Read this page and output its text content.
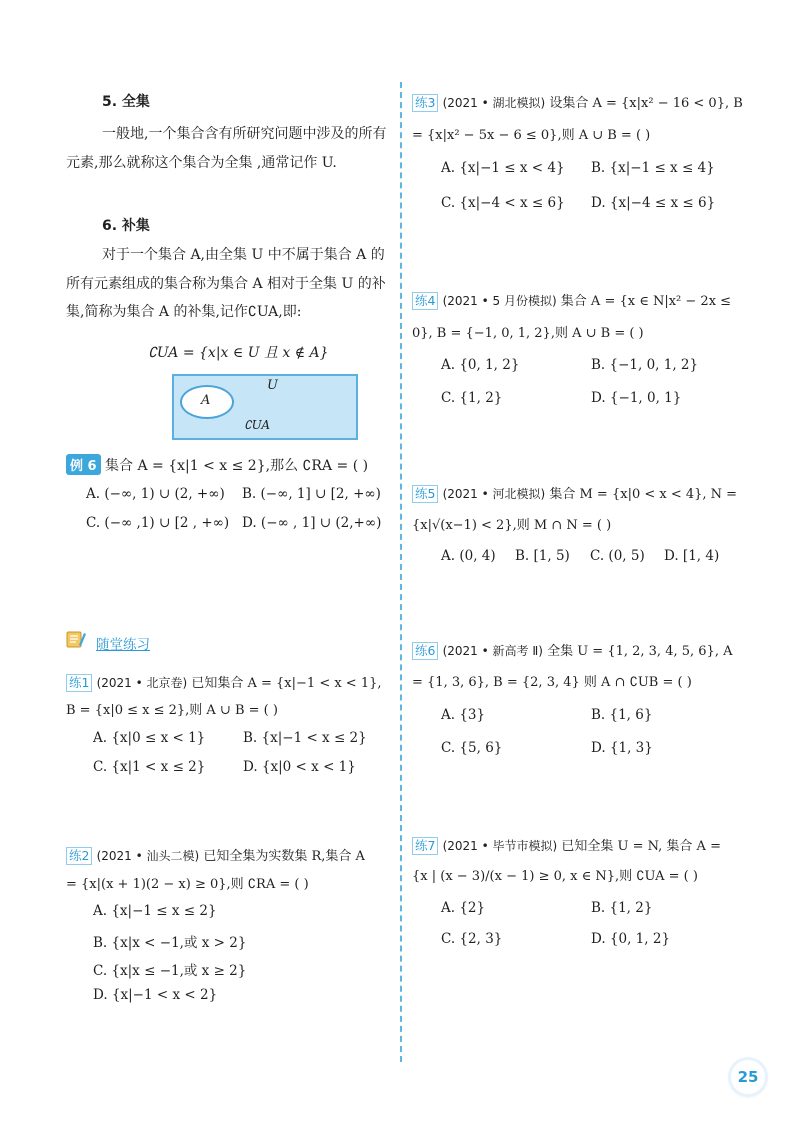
5. 全集
一般地,一个集合含有所研究问题中涉及的所有元素,那么就称这个集合为全集 ,通常记作 U.
6. 补集
对于一个集合 A,由全集 U 中不属于集合 A 的所有元素组成的集合称为集合 A 相对于全集 U 的补集,简称为集合 A 的补集,记作∁UA,即:
∁UA = {x|x ∈ U 且 x ∉ A}
A
U
∁UA
例 6 集合 A = {x|1 < x ≤ 2},那么 ∁RA = ( )
A. (−∞, 1) ∪ (2, +∞) B. (−∞, 1] ∪ [2, +∞)
C. (−∞ ,1) ∪ [2 , +∞) D. (−∞ , 1] ∪ (2,+∞)
随堂练习
练1 (2021 • 北京卷) 已知集合 A = {x|−1 < x < 1},
B = {x|0 ≤ x ≤ 2},则 A ∪ B = ( )
A. {x|0 ≤ x < 1}	B. {x|−1 < x ≤ 2}
C. {x|1 < x ≤ 2}	D. {x|0 < x < 1}
练2 (2021 • 汕头二模) 已知全集为实数集 R,集合 A
= {x|(x + 1)(2 − x) ≥ 0},则 ∁RA = ( )
A. {x|−1 ≤ x ≤ 2}
B. {x|x < −1,或 x > 2}
C. {x|x ≤ −1,或 x ≥ 2}
D. {x|−1 < x < 2}
练3 (2021 • 湖北模拟) 设集合 A = {x|x² − 16 < 0}, B
= {x|x² − 5x − 6 ≤ 0},则 A ∪ B = ( )
A. {x|−1 ≤ x < 4} B. {x|−1 ≤ x ≤ 4}
C. {x|−4 < x ≤ 6} D. {x|−4 ≤ x ≤ 6}
练4 (2021 • 5 月份模拟) 集合 A = {x ∈ N|x² − 2x ≤
0}, B = {−1, 0, 1, 2},则 A ∪ B = ( )
A. {0, 1, 2}	B. {−1, 0, 1, 2}
C. {1, 2}	D. {−1, 0, 1}
练5 (2021 • 河北模拟) 集合 M = {x|0 < x < 4}, N =
{x|√(x−1) < 2},则 M ∩ N = ( )
A. (0, 4) B. [1, 5) C. (0, 5) D. [1, 4)
练6 (2021 • 新高考 Ⅱ) 全集 U = {1, 2, 3, 4, 5, 6}, A
= {1, 3, 6}, B = {2, 3, 4} 则 A ∩ ∁UB = ( )
A. {3}	B. {1, 6}
C. {5, 6}	D. {1, 3}
练7 (2021 • 毕节市模拟) 已知全集 U = N, 集合 A =
{x | (x − 3)/(x − 1) ≥ 0, x ∈ N},则 ∁UA = ( )
A. {2}	B. {1, 2}
C. {2, 3}	D. {0, 1, 2}
25
